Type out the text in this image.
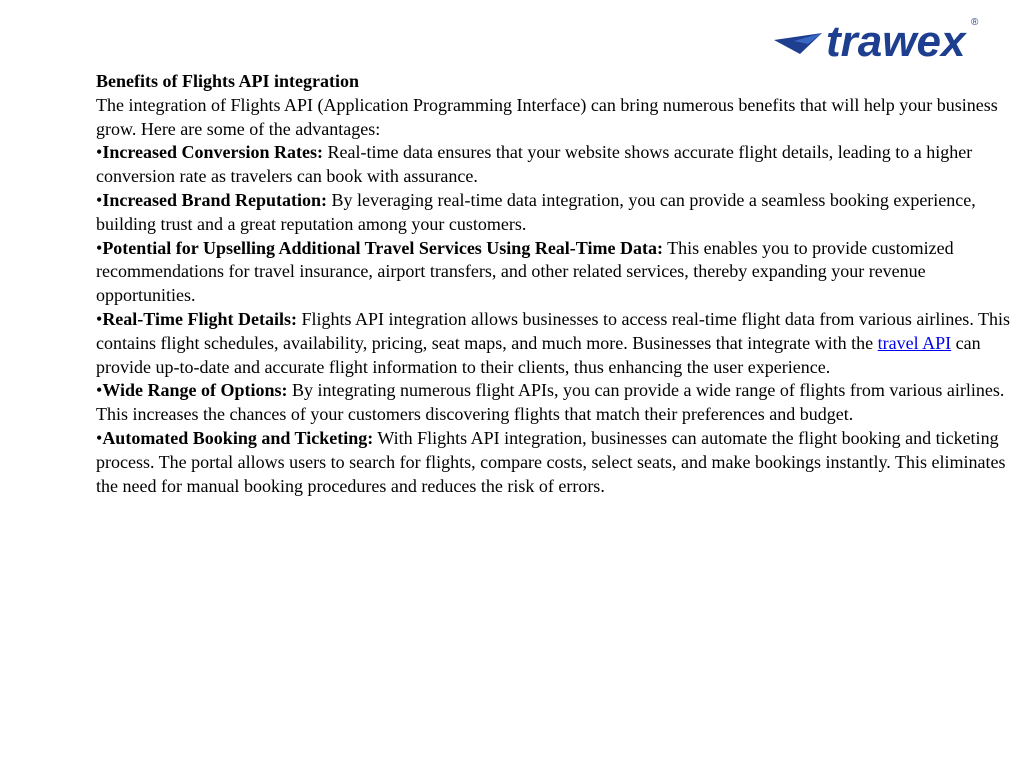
trawex ®

Benefits of Flights API integration

The integration of Flights API (Application Programming Interface) can bring numerous benefits that will help your business grow. Here are some of the advantages:

•Increased Conversion Rates: Real-time data ensures that your website shows accurate flight details, leading to a higher conversion rate as travelers can book with assurance.

•Increased Brand Reputation: By leveraging real-time data integration, you can provide a seamless booking experience, building trust and a great reputation among your customers.

•Potential for Upselling Additional Travel Services Using Real-Time Data: This enables you to provide customized recommendations for travel insurance, airport transfers, and other related services, thereby expanding your revenue opportunities.

•Real-Time Flight Details: Flights API integration allows businesses to access real-time flight data from various airlines. This contains flight schedules, availability, pricing, seat maps, and much more. Businesses that integrate with the travel API can provide up-to-date and accurate flight information to their clients, thus enhancing the user experience.

•Wide Range of Options: By integrating numerous flight APIs, you can provide a wide range of flights from various airlines. This increases the chances of your customers discovering flights that match their preferences and budget.

•Automated Booking and Ticketing: With Flights API integration, businesses can automate the flight booking and ticketing process. The portal allows users to search for flights, compare costs, select seats, and make bookings instantly. This eliminates the need for manual booking procedures and reduces the risk of errors.
